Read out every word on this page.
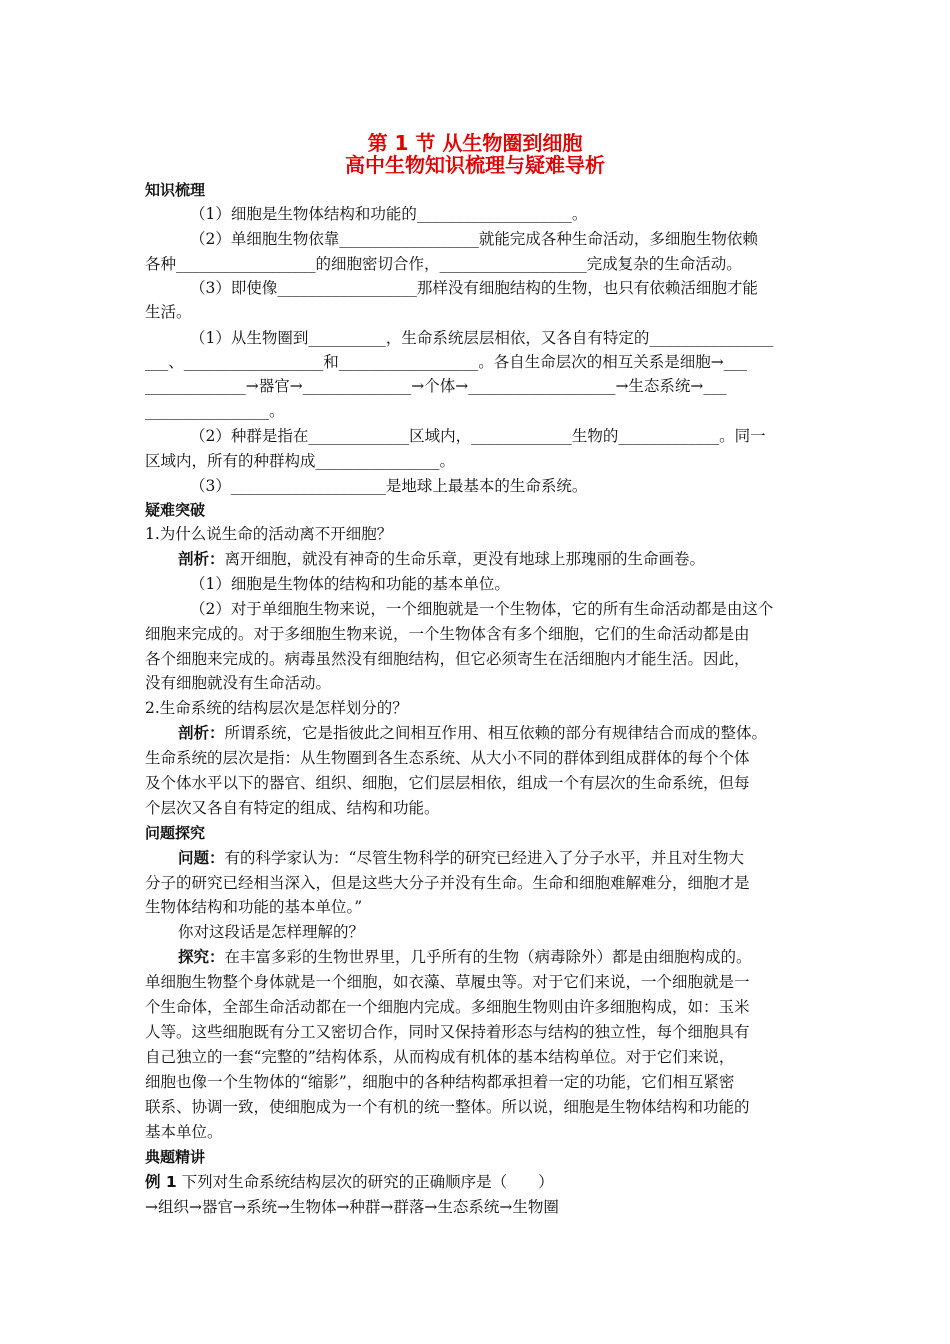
第 1 节 从生物圈到细胞
高中生物知识梳理与疑难导析
知识梳理
（1）细胞是生物体结构和功能的____________________。
（2）单细胞生物依靠__________________就能完成各种生命活动，多细胞生物依赖
各种__________________的细胞密切合作，___________________完成复杂的生命活动。
（3）即使像__________________那样没有细胞结构的生物，也只有依赖活细胞才能
生活。
（1）从生物圈到__________，生命系统层层相依，又各自有特定的________________
___、__________________和__________________。各自生命层次的相互关系是细胞→___
_____________→器官→______________→个体→___________________→生态系统→___
________________。
（2）种群是指在_____________区域内，_____________生物的_____________。同一
区域内，所有的种群构成________________。
（3）____________________是地球上最基本的生命系统。
疑难突破
1.为什么说生命的活动离不开细胞？
剖析：离开细胞，就没有神奇的生命乐章，更没有地球上那瑰丽的生命画卷。
（1）细胞是生物体的结构和功能的基本单位。
（2）对于单细胞生物来说，一个细胞就是一个生物体，它的所有生命活动都是由这个
细胞来完成的。对于多细胞生物来说，一个生物体含有多个细胞，它们的生命活动都是由
各个细胞来完成的。病毒虽然没有细胞结构，但它必须寄生在活细胞内才能生活。因此，
没有细胞就没有生命活动。
2.生命系统的结构层次是怎样划分的？
剖析：所谓系统，它是指彼此之间相互作用、相互依赖的部分有规律结合而成的整体。
生命系统的层次是指：从生物圈到各生态系统、从大小不同的群体到组成群体的每个个体
及个体水平以下的器官、组织、细胞，它们层层相依，组成一个有层次的生命系统，但每
个层次又各自有特定的组成、结构和功能。
问题探究
问题：有的科学家认为：“尽管生物科学的研究已经进入了分子水平，并且对生物大
分子的研究已经相当深入，但是这些大分子并没有生命。生命和细胞难解难分，细胞才是
生物体结构和功能的基本单位。”
你对这段话是怎样理解的？
探究：在丰富多彩的生物世界里，几乎所有的生物（病毒除外）都是由细胞构成的。
单细胞生物整个身体就是一个细胞，如衣藻、草履虫等。对于它们来说，一个细胞就是一
个生命体，全部生命活动都在一个细胞内完成。多细胞生物则由许多细胞构成，如：玉米
人等。这些细胞既有分工又密切合作，同时又保持着形态与结构的独立性，每个细胞具有
自己独立的一套“完整的”结构体系，从而构成有机体的基本结构单位。对于它们来说，
细胞也像一个生物体的“缩影”，细胞中的各种结构都承担着一定的功能，它们相互紧密
联系、协调一致，使细胞成为一个有机的统一整体。所以说，细胞是生物体结构和功能的
基本单位。
典题精讲
例 1 下列对生命系统结构层次的研究的正确顺序是（　　）
→组织→器官→系统→生物体→种群→群落→生态系统→生物圈
